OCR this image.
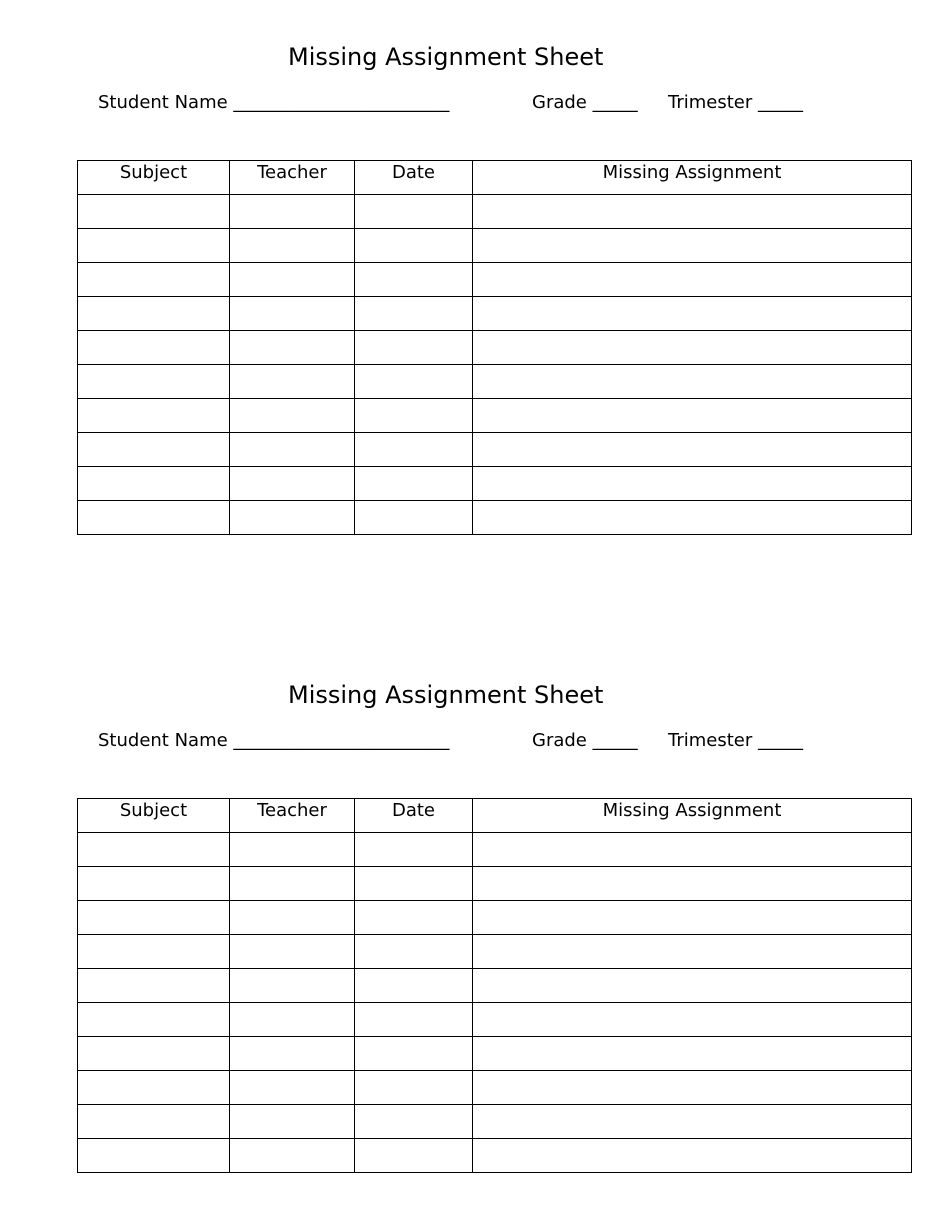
Missing Assignment Sheet
Student Name ________________________	Grade _____ Trimester _____
Subject	Teacher	Date	Missing Assignment

Missing Assignment Sheet
Student Name ________________________	Grade _____ Trimester _____
Subject	Teacher	Date	Missing Assignment
